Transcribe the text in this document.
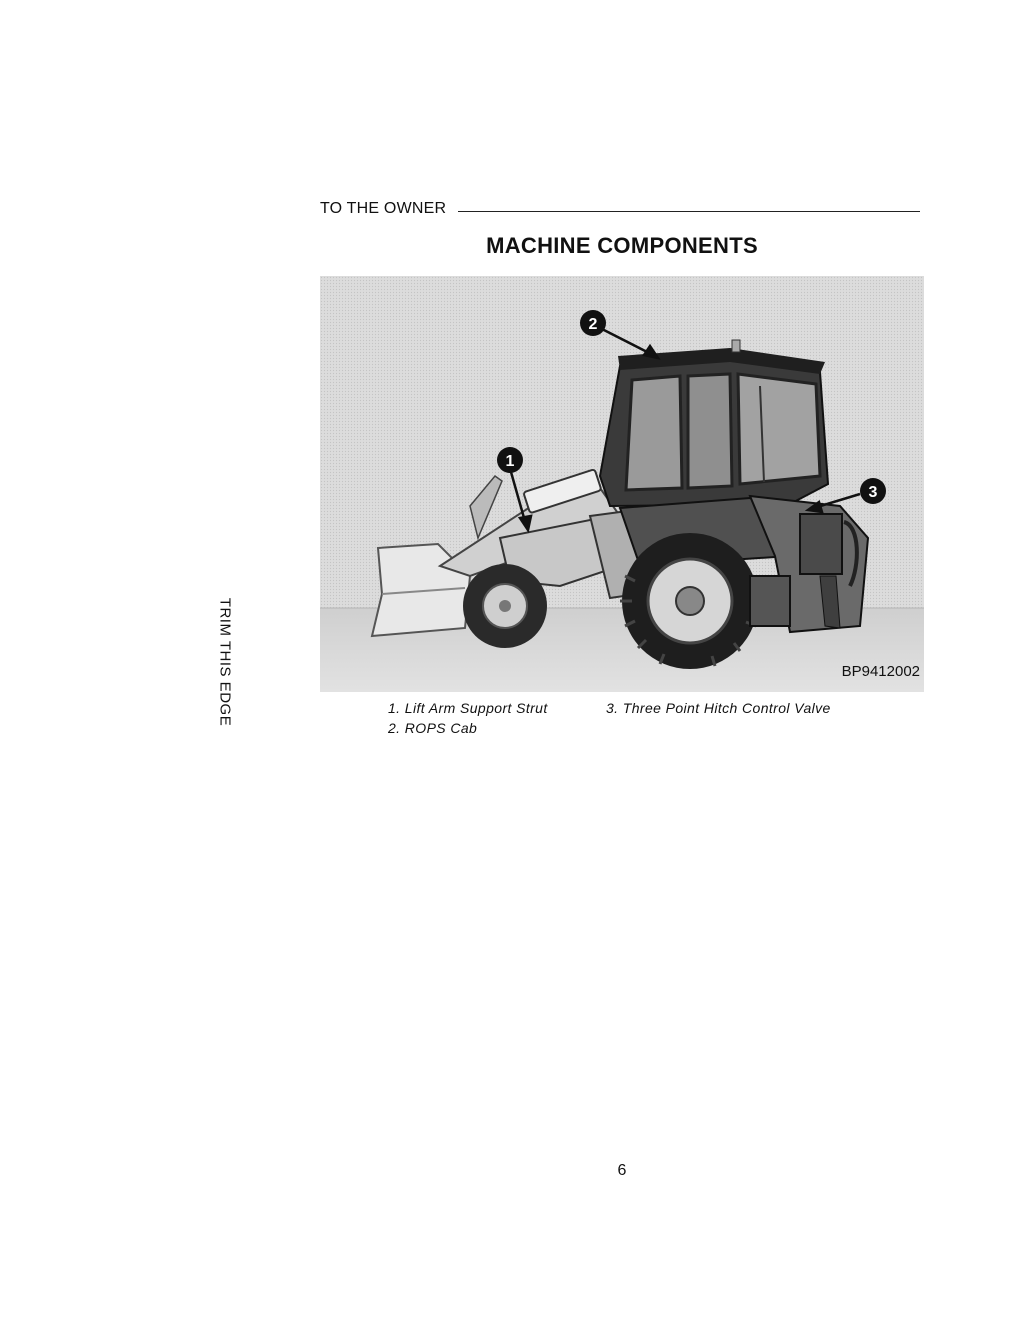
TO THE OWNER
MACHINE COMPONENTS
2
1
3
BP9412002
1. Lift Arm Support Strut
2. ROPS Cab
3. Three Point Hitch Control Valve
TRIM THIS EDGE
6
